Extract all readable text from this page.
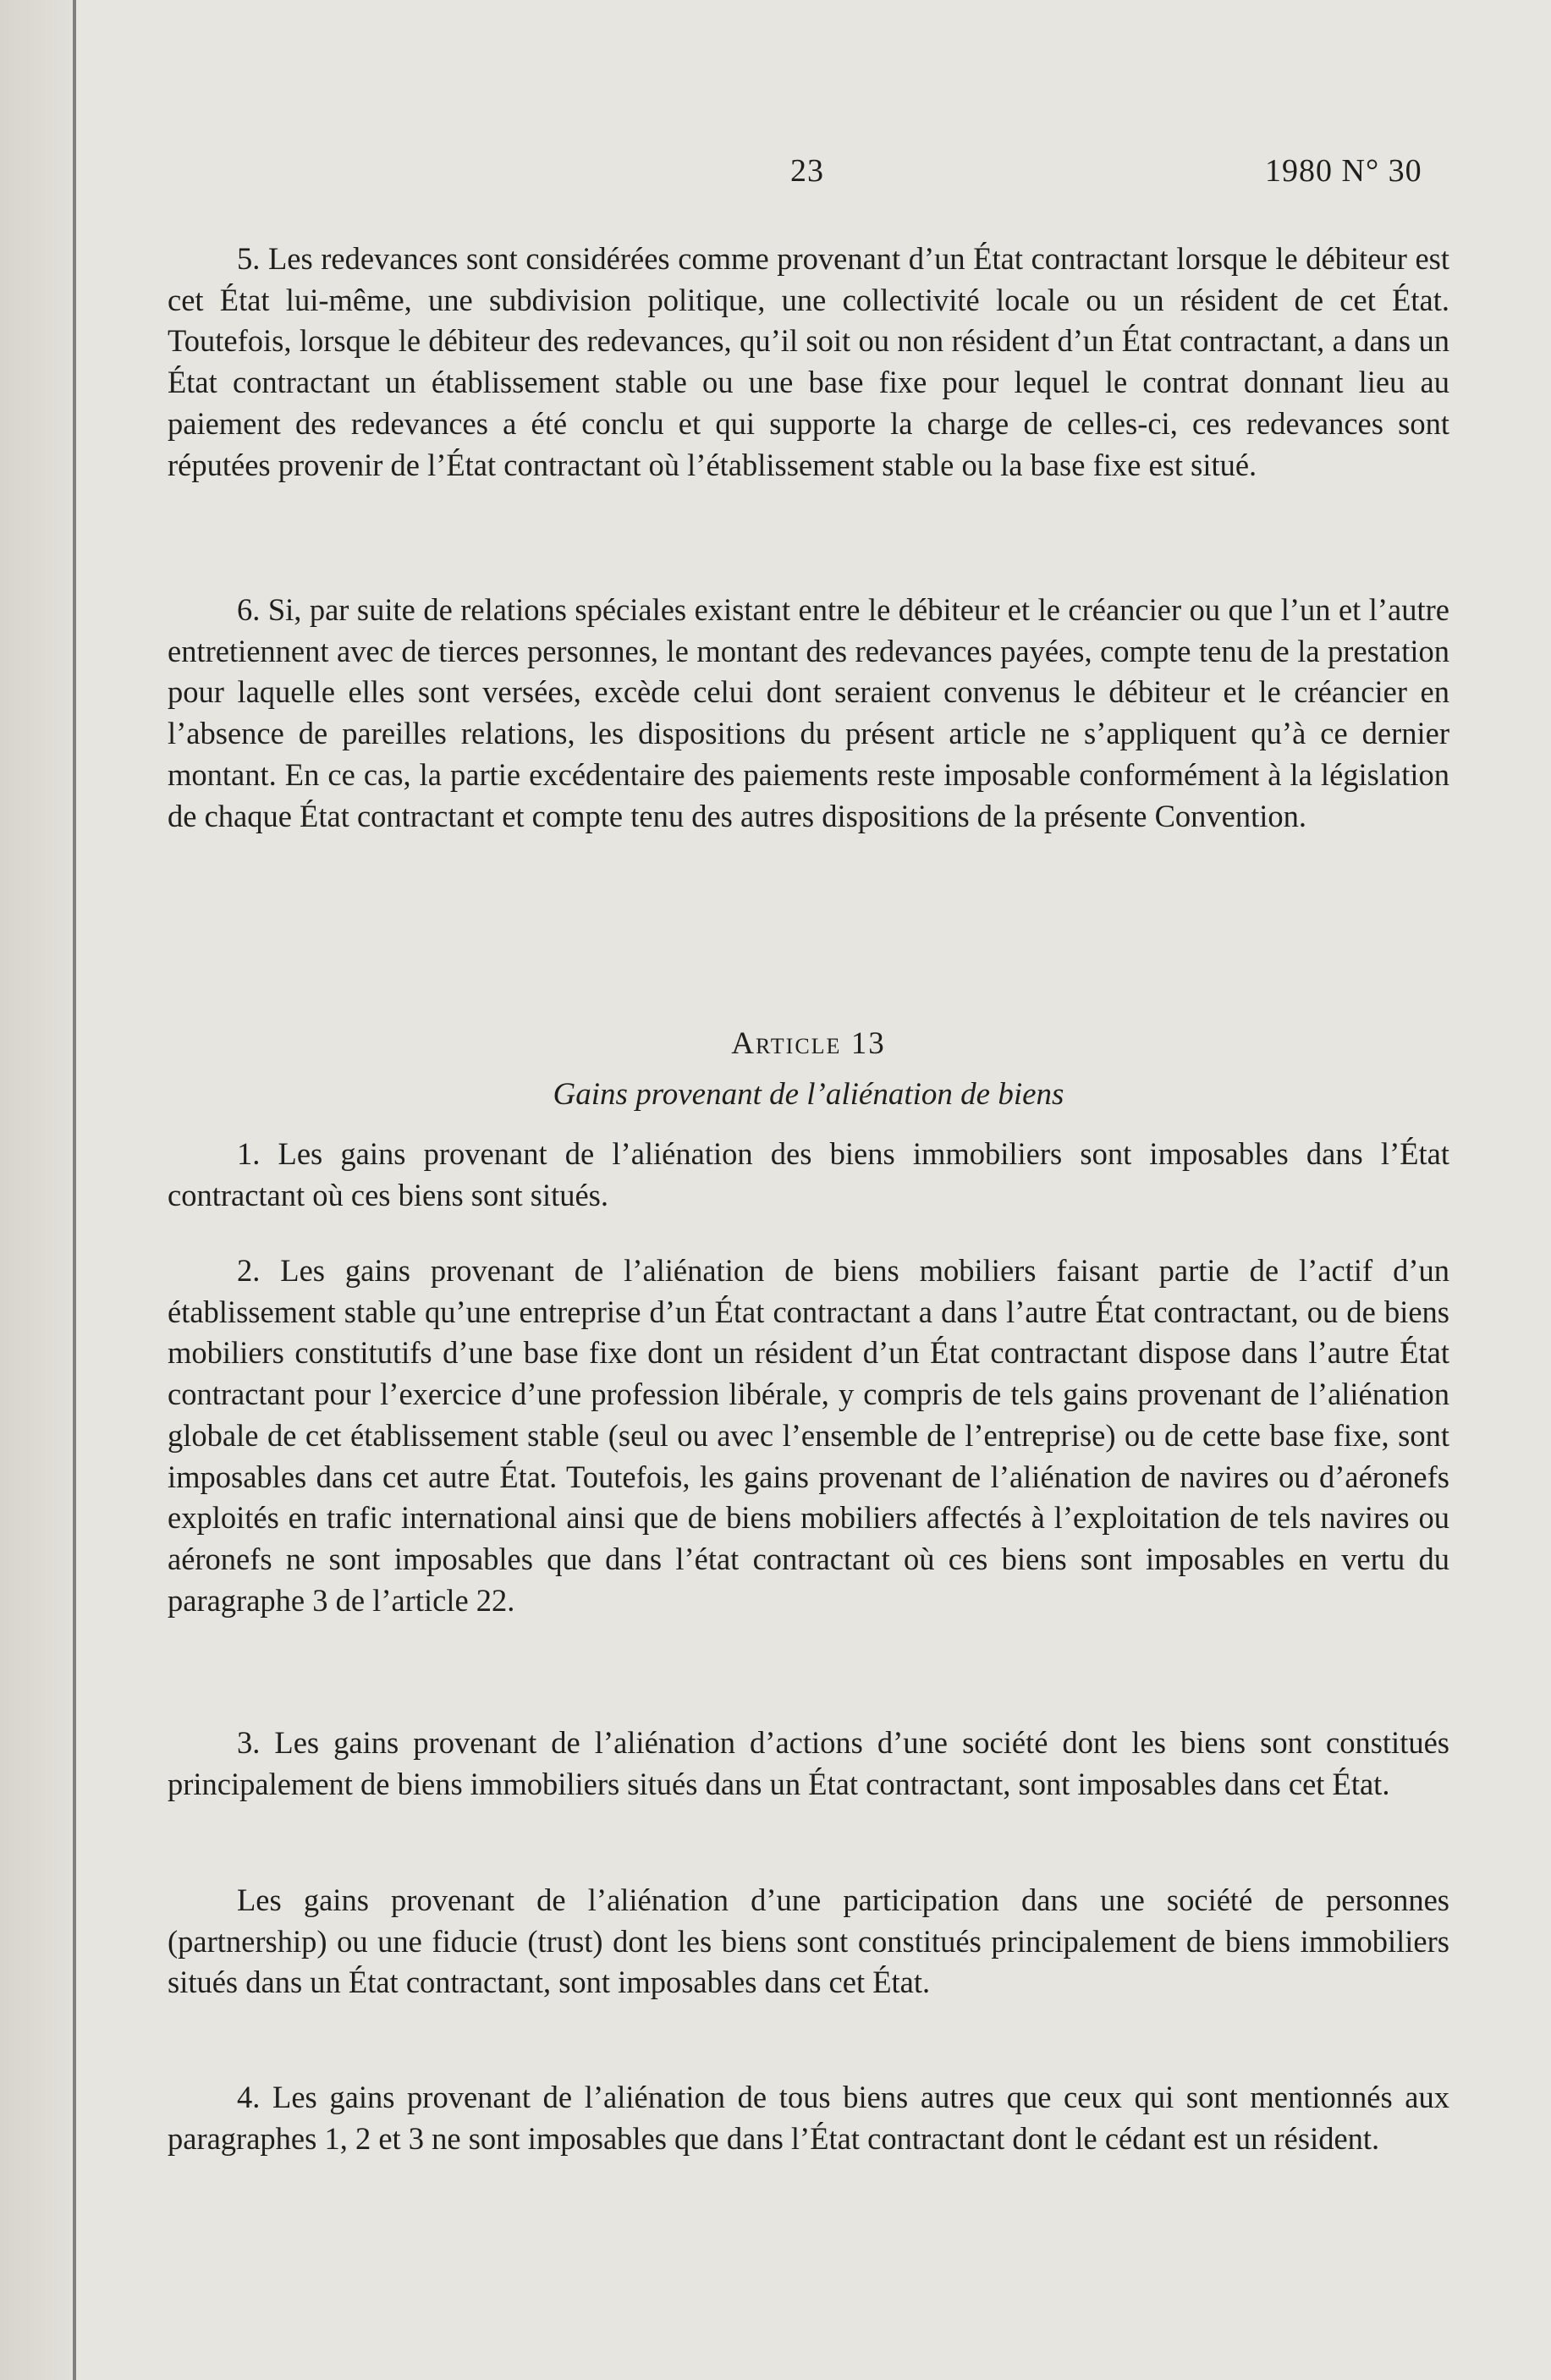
23	1980 N° 30

5. Les redevances sont considérées comme provenant d’un État contractant lorsque le débiteur est cet État lui-même, une subdivision politique, une collectivité locale ou un résident de cet État. Toutefois, lorsque le débiteur des redevances, qu’il soit ou non résident d’un État contractant, a dans un État contractant un établissement stable ou une base fixe pour lequel le contrat donnant lieu au paiement des redevances a été conclu et qui supporte la charge de celles-ci, ces redevances sont réputées provenir de l’État contractant où l’établissement stable ou la base fixe est situé.

6. Si, par suite de relations spéciales existant entre le débiteur et le créancier ou que l’un et l’autre entretiennent avec de tierces personnes, le montant des redevances payées, compte tenu de la prestation pour laquelle elles sont versées, excède celui dont seraient convenus le débiteur et le créancier en l’absence de pareilles relations, les dispositions du présent article ne s’appliquent qu’à ce dernier montant. En ce cas, la partie excédentaire des paiements reste imposable conformément à la législation de chaque État contractant et compte tenu des autres dispositions de la présente Convention.

Article 13
Gains provenant de l’aliénation de biens

1. Les gains provenant de l’aliénation des biens immobiliers sont imposables dans l’État contractant où ces biens sont situés.

2. Les gains provenant de l’aliénation de biens mobiliers faisant partie de l’actif d’un établissement stable qu’une entreprise d’un État contractant a dans l’autre État contractant, ou de biens mobiliers constitutifs d’une base fixe dont un résident d’un État contractant dispose dans l’autre État contractant pour l’exercice d’une profession libérale, y compris de tels gains provenant de l’aliénation globale de cet établissement stable (seul ou avec l’ensemble de l’entreprise) ou de cette base fixe, sont imposables dans cet autre État. Toutefois, les gains provenant de l’aliénation de navires ou d’aéronefs exploités en trafic international ainsi que de biens mobiliers affectés à l’exploitation de tels navires ou aéronefs ne sont imposables que dans l’état contractant où ces biens sont imposables en vertu du paragraphe 3 de l’article 22.

3. Les gains provenant de l’aliénation d’actions d’une société dont les biens sont constitués principalement de biens immobiliers situés dans un État contractant, sont imposables dans cet État.

Les gains provenant de l’aliénation d’une participation dans une société de personnes (partnership) ou une fiducie (trust) dont les biens sont constitués principalement de biens immobiliers situés dans un État contractant, sont imposables dans cet État.

4. Les gains provenant de l’aliénation de tous biens autres que ceux qui sont mentionnés aux paragraphes 1, 2 et 3 ne sont imposables que dans l’État contractant dont le cédant est un résident.
